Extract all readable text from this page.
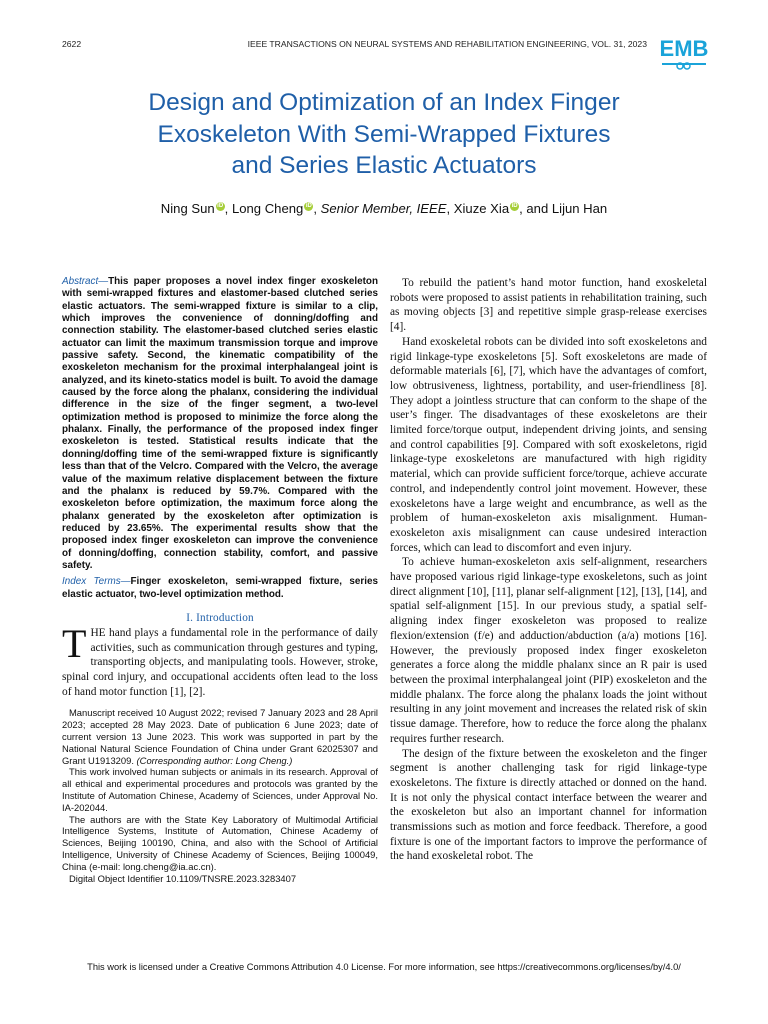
2622	IEEE TRANSACTIONS ON NEURAL SYSTEMS AND REHABILITATION ENGINEERING, VOL. 31, 2023 EMB
Design and Optimization of an Index Finger
Exoskeleton With Semi-Wrapped Fixtures
and Series Elastic Actuators
Ning Sun iD , Long Cheng iD , Senior Member, IEEE, Xiuze Xia iD , and Lijun Han

Abstract—This paper proposes a novel index finger exoskeleton with semi-wrapped fixtures and elastomer-based clutched series elastic actuators. The semi-wrapped fixture is similar to a clip, which improves the convenience of donning/doffing and connection stability. The elastomer-based clutched series elastic actuator can limit the maximum transmission torque and improve passive safety. Second, the kinematic compatibility of the exoskeleton mechanism for the proximal interphalangeal joint is analyzed, and its kineto-statics model is built. To avoid the damage caused by the force along the phalanx, considering the individual difference in the size of the finger segment, a two-level optimization method is proposed to minimize the force along the phalanx. Finally, the performance of the proposed index finger exoskeleton is tested. Statistical results indicate that the donning/doffing time of the semi-wrapped fixture is significantly less than that of the Velcro. Compared with the Velcro, the average value of the maximum relative displacement between the fixture and the phalanx is reduced by 59.7%. Compared with the exoskeleton before optimization, the maximum force along the phalanx generated by the exoskeleton after optimization is reduced by 23.65%. The experimental results show that the proposed index finger exoskeleton can improve the convenience of donning/doffing, connection stability, comfort, and passive safety.

Index Terms—Finger exoskeleton, semi-wrapped fixture, series elastic actuator, two-level optimization method.

I. Introduction

THE hand plays a fundamental role in the performance of daily activities, such as communication through gestures and typing, transporting objects, and manipulating tools. However, stroke, spinal cord injury, and occupational accidents often lead to the loss of hand motor function [1], [2].

Manuscript received 10 August 2022; revised 7 January 2023 and 28 April 2023; accepted 28 May 2023. Date of publication 6 June 2023; date of current version 13 June 2023. This work was supported in part by the National Natural Science Foundation of China under Grant 62025307 and Grant U1913209. (Corresponding author: Long Cheng.)

This work involved human subjects or animals in its research. Approval of all ethical and experimental procedures and protocols was granted by the Institute of Automation Chinese, Academy of Sciences, under Approval No. IA-202044.

The authors are with the State Key Laboratory of Multimodal Artificial Intelligence Systems, Institute of Automation, Chinese Academy of Sciences, Beijing 100190, China, and also with the School of Artificial Intelligence, University of Chinese Academy of Sciences, Beijing 100049, China (e-mail: long.cheng@ia.ac.cn).

Digital Object Identifier 10.1109/TNSRE.2023.3283407

To rebuild the patient’s hand motor function, hand exoskeletal robots were proposed to assist patients in rehabilitation training, such as moving objects [3] and repetitive simple grasp-release exercises [4].

Hand exoskeletal robots can be divided into soft exoskeletons and rigid linkage-type exoskeletons [5]. Soft exoskeletons are made of deformable materials [6], [7], which have the advantages of comfort, low obtrusiveness, lightness, portability, and user-friendliness [8]. They adopt a jointless structure that can conform to the shape of the user’s finger. The disadvantages of these exoskeletons are their limited force/torque output, independent driving joints, and sensing and control capabilities [9]. Compared with soft exoskeletons, rigid linkage-type exoskeletons are manufactured with high rigidity material, which can provide sufficient force/torque, achieve accurate control, and independently control joint movement. However, these exoskeletons have a large weight and encumbrance, as well as the problem of human-exoskeleton axis misalignment. Human-exoskeleton axis misalignment can cause undesired interaction forces, which can lead to discomfort and even injury.

To achieve human-exoskeleton axis self-alignment, researchers have proposed various rigid linkage-type exoskeletons, such as joint direct alignment [10], [11], planar self-alignment [12], [13], [14], and spatial self-alignment [15]. In our previous study, a spatial self-aligning index finger exoskeleton was proposed to realize flexion/extension (f/e) and adduction/abduction (a/a) motions [16]. However, the previously proposed index finger exoskeleton generates a force along the middle phalanx since an R pair is used between the proximal interphalangeal joint (PIP) exoskeleton and the middle phalanx. The force along the phalanx loads the joint without resulting in any joint movement and increases the related risk of skin tissue damage. Therefore, how to reduce the force along the phalanx requires further research.

The design of the fixture between the exoskeleton and the finger segment is another challenging task for rigid linkage-type exoskeletons. The fixture is directly attached or donned on the hand. It is not only the physical contact interface between the wearer and the exoskeleton but also an important channel for information transmissions such as motion and force feedback. Therefore, a good fixture is one of the important factors to improve the performance of the hand exoskeletal robot. The

This work is licensed under a Creative Commons Attribution 4.0 License. For more information, see https://creativecommons.org/licenses/by/4.0/
